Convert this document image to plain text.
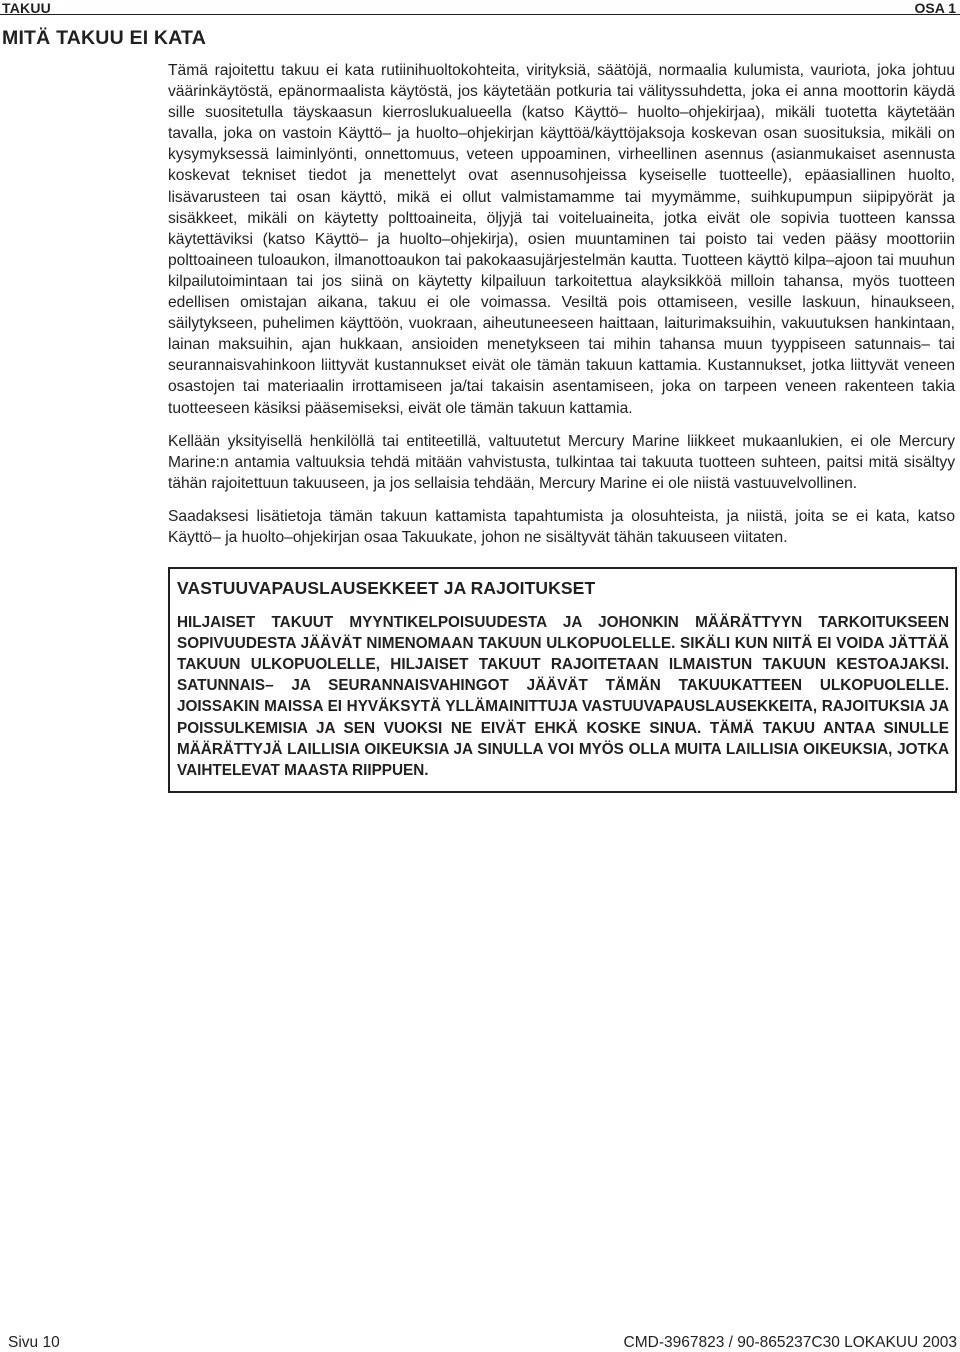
TAKUU	OSA 1
MITÄ TAKUU EI KATA

Tämä rajoitettu takuu ei kata rutiinihuoltokohteita, virityksiä, säätöjä, normaalia kulumista, vauriota, joka johtuu väärinkäytöstä, epänormaalista käytöstä, jos käytetään potkuria tai välityssuhdetta, joka ei anna moottorin käydä sille suositetulla täyskaasun kierroslukualueella (katso Käyttö– huolto–ohjekirjaa), mikäli tuotetta käytetään tavalla, joka on vastoin Käyttö– ja huolto–ohjekirjan käyttöä/käyttöjaksoja koskevan osan suosituksia, mikäli on kysymyksessä laiminlyönti, onnettomuus, veteen uppoaminen, virheellinen asennus (asianmukaiset asennusta koskevat tekniset tiedot ja menettelyt ovat asennusohjeissa kyseiselle tuotteelle), epäasiallinen huolto, lisävarusteen tai osan käyttö, mikä ei ollut valmistamamme tai myymämme, suihkupumpun siipipyörät ja sisäkkeet, mikäli on käytetty polttoaineita, öljyjä tai voiteluaineita, jotka eivät ole sopivia tuotteen kanssa käytettäviksi (katso Käyttö– ja huolto–ohjekirja), osien muuntaminen tai poisto tai veden pääsy moottoriin polttoaineen tuloaukon, ilmanottoaukon tai pakokaasujärjestelmän kautta. Tuotteen käyttö kilpa–ajoon tai muuhun kilpailutoimintaan tai jos siinä on käytetty kilpailuun tarkoitettua alayksikköä milloin tahansa, myös tuotteen edellisen omistajan aikana, takuu ei ole voimassa. Vesiltä pois ottamiseen, vesille laskuun, hinaukseen, säilytykseen, puhelimen käyttöön, vuokraan, aiheutuneeseen haittaan, laiturimaksuihin, vakuutuksen hankintaan, lainan maksuihin, ajan hukkaan, ansioiden menetykseen tai mihin tahansa muun tyyppiseen satunnais– tai seurannaisvahinkoon liittyvät kustannukset eivät ole tämän takuun kattamia. Kustannukset, jotka liittyvät veneen osastojen tai materiaalin irrottamiseen ja/tai takaisin asentamiseen, joka on tarpeen veneen rakenteen takia tuotteeseen käsiksi pääsemiseksi, eivät ole tämän takuun kattamia.

Kellään yksityisellä henkilöllä tai entiteetillä, valtuutetut Mercury Marine liikkeet mukaanlukien, ei ole Mercury Marine:n antamia valtuuksia tehdä mitään vahvistusta, tulkintaa tai takuuta tuotteen suhteen, paitsi mitä sisältyy tähän rajoitettuun takuuseen, ja jos sellaisia tehdään, Mercury Marine ei ole niistä vastuuvelvollinen.

Saadaksesi lisätietoja tämän takuun kattamista tapahtumista ja olosuhteista, ja niistä, joita se ei kata, katso Käyttö– ja huolto–ohjekirjan osaa Takuukate, johon ne sisältyvät tähän takuuseen viitaten.

VASTUUVAPAUSLAUSEKKEET JA RAJOITUKSET

HILJAISET TAKUUT MYYNTIKELPOISUUDESTA JA JOHONKIN MÄÄRÄTTYYN TARKOITUKSEEN SOPIVUUDESTA JÄÄVÄT NIMENOMAAN TAKUUN ULKOPUOLELLE. SIKÄLI KUN NIITÄ EI VOIDA JÄTTÄÄ TAKUUN ULKOPUOLELLE, HILJAISET TAKUUT RAJOITETAAN ILMAISTUN TAKUUN KESTOAJAKSI. SATUNNAIS– JA SEURANNAISVAHINGOT JÄÄVÄT TÄMÄN TAKUUKATTEEN ULKOPUOLELLE. JOISSAKIN MAISSA EI HYVÄKSYTÄ YLLÄMAINITTUJA VASTUUVAPAUSLAUSEKKEITA, RAJOITUKSIA JA POISSULKEMISIA JA SEN VUOKSI NE EIVÄT EHKÄ KOSKE SINUA. TÄMÄ TAKUU ANTAA SINULLE MÄÄRÄTTYJÄ LAILLISIA OIKEUKSIA JA SINULLA VOI MYÖS OLLA MUITA LAILLISIA OIKEUKSIA, JOTKA VAIHTELEVAT MAASTA RIIPPUEN.

Sivu 10	CMD-3967823 / 90-865237C30 LOKAKUU 2003
